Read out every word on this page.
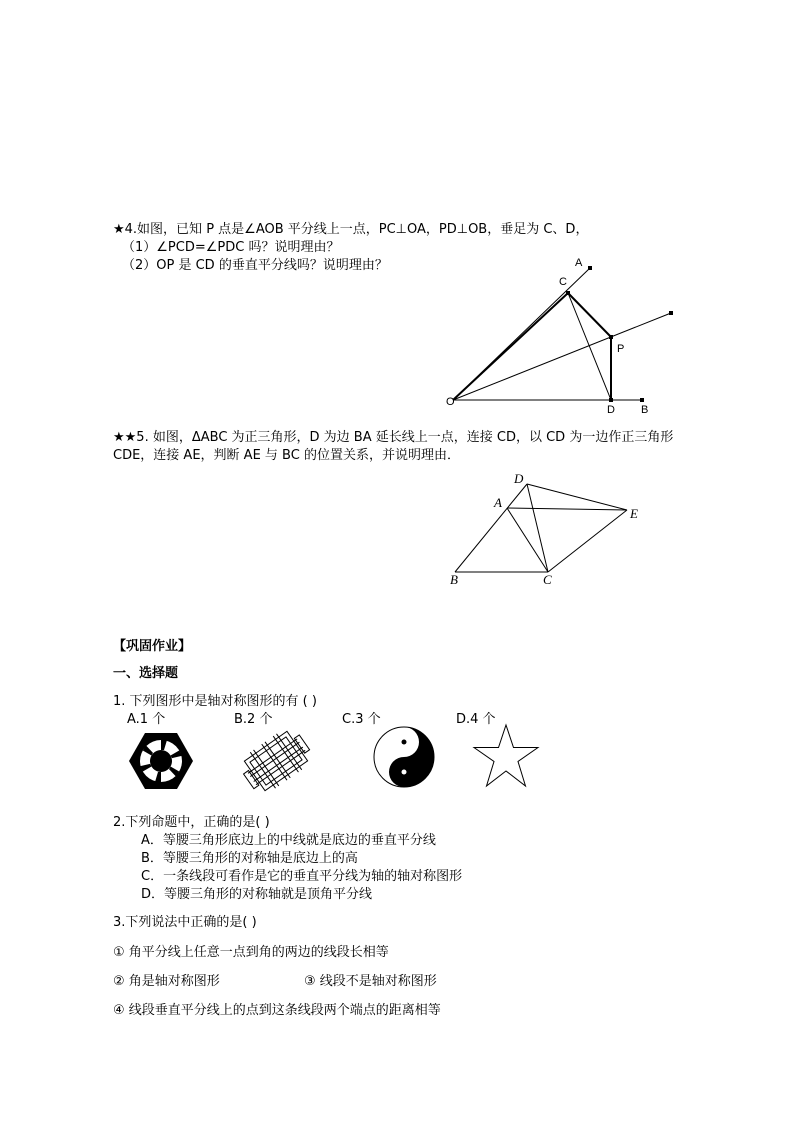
★4.如图，已知 P 点是∠AOB 平分线上一点，PC⊥OA，PD⊥OB，垂足为 C、D，
（1）∠PCD=∠PDC 吗？说明理由？
（2）OP 是 CD 的垂直平分线吗？说明理由？	A
C
P
O
D B
★★5. 如图，ΔABC 为正三角形，D 为边 BA 延长线上一点，连接 CD，以 CD 为一边作正三角形
CDE，连接 AE，判断 AE 与 BC 的位置关系，并说明理由．
D
A
E
B	C
【巩固作业】
一、选择题
1. 下列图形中是轴对称图形的有 ( )
A.1 个	B.2 个	C.3 个	D.4 个
2.下列命题中，正确的是( )
A．等腰三角形底边上的中线就是底边的垂直平分线
B．等腰三角形的对称轴是底边上的高
C．一条线段可看作是它的垂直平分线为轴的轴对称图形
D．等腰三角形的对称轴就是顶角平分线
3.下列说法中正确的是( )
① 角平分线上任意一点到角的两边的线段长相等
② 角是轴对称图形	③ 线段不是轴对称图形
④ 线段垂直平分线上的点到这条线段两个端点的距离相等
